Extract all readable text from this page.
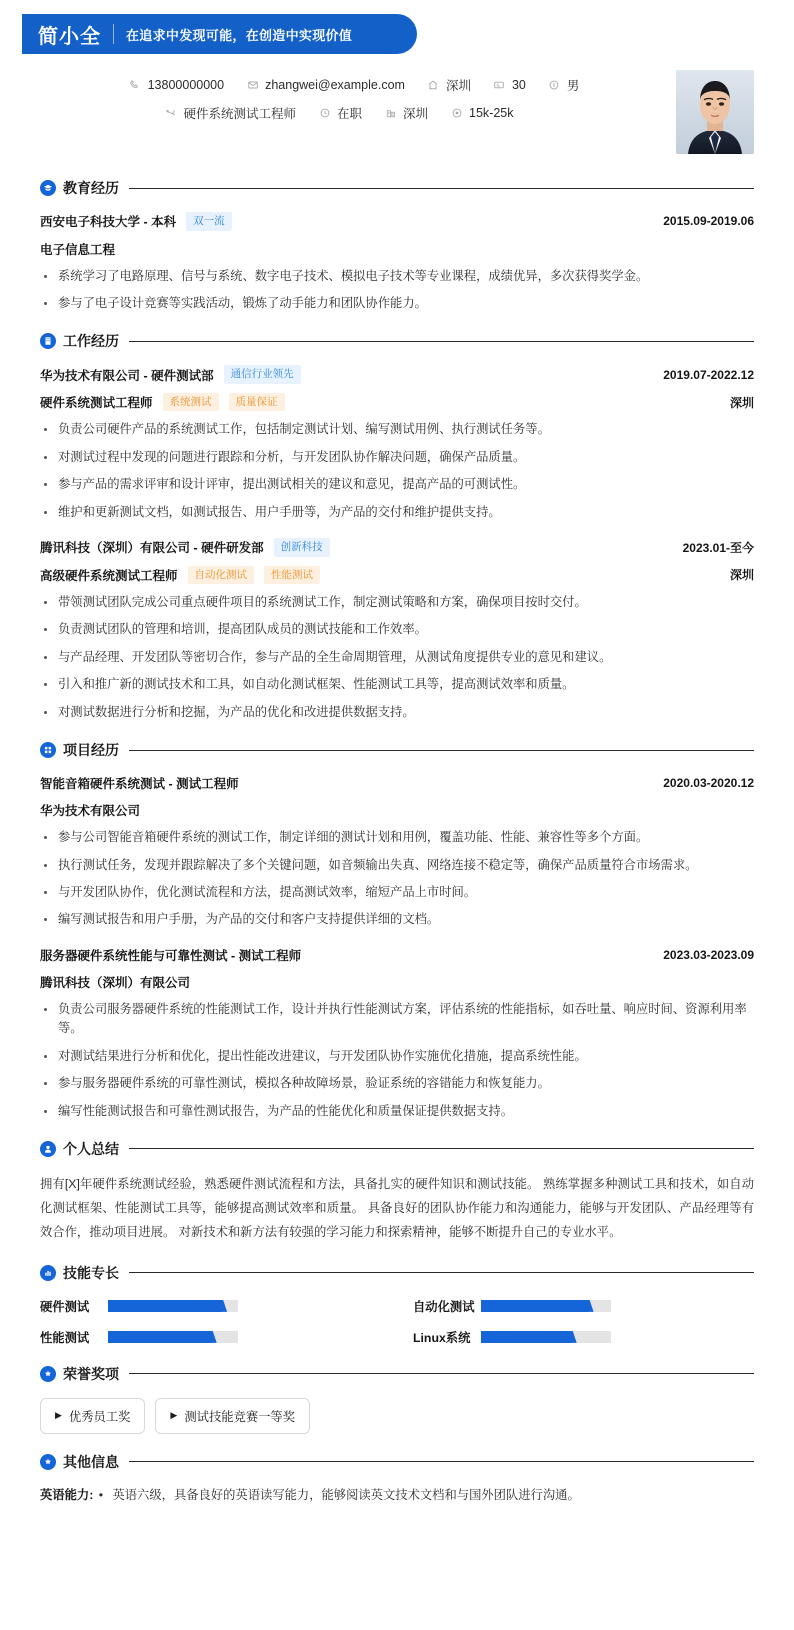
简小全 在追求中发现可能，在创造中实现价值
13800000000	zhangwei@example.com	深圳	30	男
硬件系统测试工程师	在职	深圳	15k-25k
教育经历
西安电子科技大学 - 本科	双一流	2015.09-2019.06
电子信息工程
系统学习了电路原理、信号与系统、数字电子技术、模拟电子技术等专业课程，成绩优异，多次获得奖学金。
参与了电子设计竞赛等实践活动，锻炼了动手能力和团队协作能力。
工作经历
华为技术有限公司 - 硬件测试部	通信行业领先	2019.07-2022.12
硬件系统测试工程师	系统测试	质量保证	深圳
负责公司硬件产品的系统测试工作，包括制定测试计划、编写测试用例、执行测试任务等。
对测试过程中发现的问题进行跟踪和分析，与开发团队协作解决问题，确保产品质量。
参与产品的需求评审和设计评审，提出测试相关的建议和意见，提高产品的可测试性。
维护和更新测试文档，如测试报告、用户手册等，为产品的交付和维护提供支持。
腾讯科技（深圳）有限公司 - 硬件研发部	创新科技	2023.01-至今
高级硬件系统测试工程师	自动化测试	性能测试	深圳
带领测试团队完成公司重点硬件项目的系统测试工作，制定测试策略和方案，确保项目按时交付。
负责测试团队的管理和培训，提高团队成员的测试技能和工作效率。
与产品经理、开发团队等密切合作，参与产品的全生命周期管理，从测试角度提供专业的意见和建议。
引入和推广新的测试技术和工具，如自动化测试框架、性能测试工具等，提高测试效率和质量。
对测试数据进行分析和挖掘，为产品的优化和改进提供数据支持。
项目经历
智能音箱硬件系统测试 - 测试工程师	2020.03-2020.12
华为技术有限公司
参与公司智能音箱硬件系统的测试工作，制定详细的测试计划和用例，覆盖功能、性能、兼容性等多个方面。
执行测试任务，发现并跟踪解决了多个关键问题，如音频输出失真、网络连接不稳定等，确保产品质量符合市场需求。
与开发团队协作，优化测试流程和方法，提高测试效率，缩短产品上市时间。
编写测试报告和用户手册，为产品的交付和客户支持提供详细的文档。
服务器硬件系统性能与可靠性测试 - 测试工程师	2023.03-2023.09
腾讯科技（深圳）有限公司
负责公司服务器硬件系统的性能测试工作，设计并执行性能测试方案，评估系统的性能指标，如吞吐量、响应时间、资源利用率等。
对测试结果进行分析和优化，提出性能改进建议，与开发团队协作实施优化措施，提高系统性能。
参与服务器硬件系统的可靠性测试，模拟各种故障场景，验证系统的容错能力和恢复能力。
编写性能测试报告和可靠性测试报告，为产品的性能优化和质量保证提供数据支持。
个人总结
拥有[X]年硬件系统测试经验，熟悉硬件测试流程和方法，具备扎实的硬件知识和测试技能。 熟练掌握多种测试工具和技术，如自动化测试框架、性能测试工具等，能够提高测试效率和质量。 具备良好的团队协作能力和沟通能力，能够与开发团队、产品经理等有效合作，推动项目进展。 对新技术和新方法有较强的学习能力和探索精神，能够不断提升自己的专业水平。
技能专长
硬件测试	自动化测试
性能测试	Linux系统
荣誉奖项
▶ 优秀员工奖	▶ 测试技能竞赛一等奖
其他信息
英语能力: • 英语六级，具备良好的英语读写能力，能够阅读英文技术文档和与国外团队进行沟通。
